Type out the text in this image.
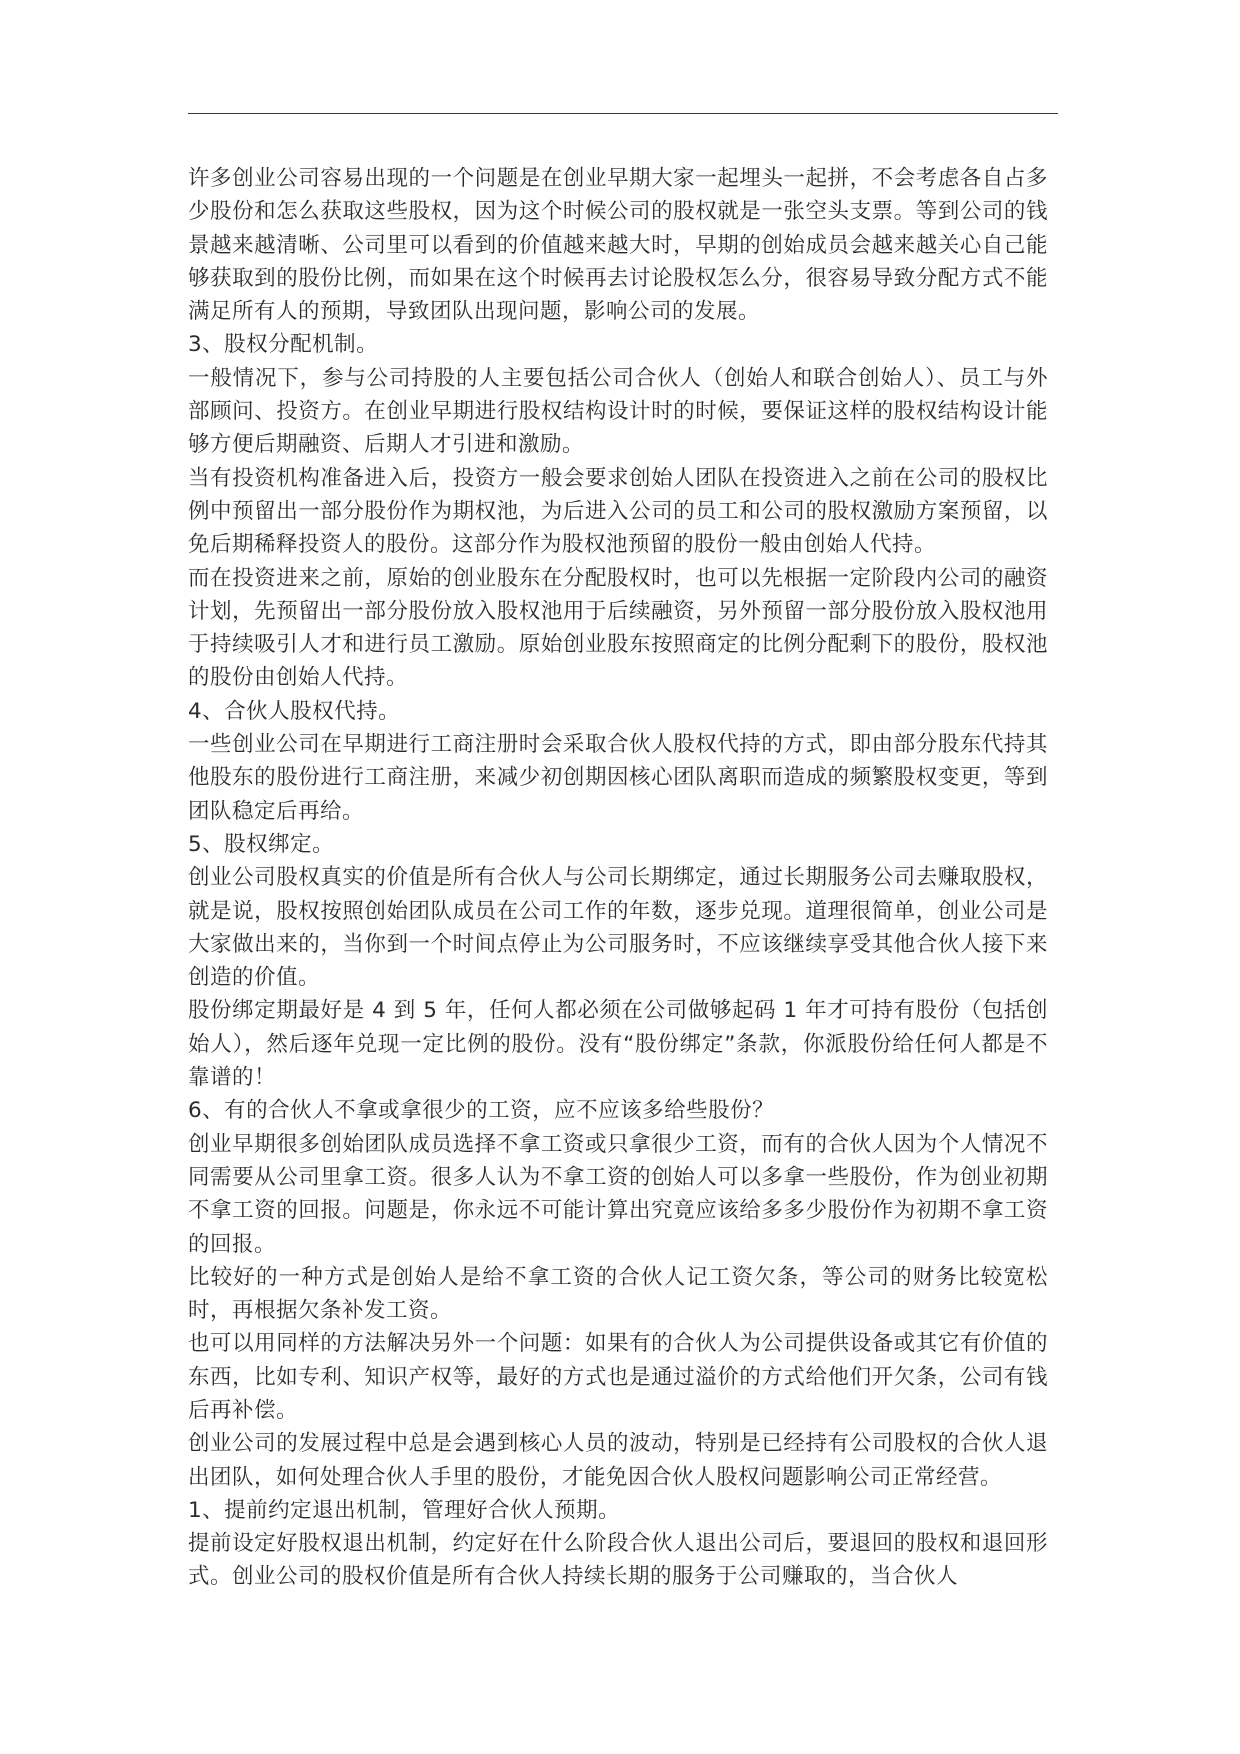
许多创业公司容易出现的一个问题是在创业早期大家一起埋头一起拼，不会考虑各自占多少股份和怎么获取这些股权，因为这个时候公司的股权就是一张空头支票。等到公司的钱景越来越清晰、公司里可以看到的价值越来越大时，早期的创始成员会越来越关心自己能够获取到的股份比例，而如果在这个时候再去讨论股权怎么分，很容易导致分配方式不能满足所有人的预期，导致团队出现问题，影响公司的发展。

3、股权分配机制。

一般情况下，参与公司持股的人主要包括公司合伙人（创始人和联合创始人）、员工与外部顾问、投资方。在创业早期进行股权结构设计时的时候，要保证这样的股权结构设计能够方便后期融资、后期人才引进和激励。

当有投资机构准备进入后，投资方一般会要求创始人团队在投资进入之前在公司的股权比例中预留出一部分股份作为期权池，为后进入公司的员工和公司的股权激励方案预留，以免后期稀释投资人的股份。这部分作为股权池预留的股份一般由创始人代持。

而在投资进来之前，原始的创业股东在分配股权时，也可以先根据一定阶段内公司的融资计划，先预留出一部分股份放入股权池用于后续融资，另外预留一部分股份放入股权池用于持续吸引人才和进行员工激励。原始创业股东按照商定的比例分配剩下的股份，股权池的股份由创始人代持。

4、合伙人股权代持。

一些创业公司在早期进行工商注册时会采取合伙人股权代持的方式，即由部分股东代持其他股东的股份进行工商注册，来减少初创期因核心团队离职而造成的频繁股权变更，等到团队稳定后再给。

5、股权绑定。

创业公司股权真实的价值是所有合伙人与公司长期绑定，通过长期服务公司去赚取股权，就是说，股权按照创始团队成员在公司工作的年数，逐步兑现。道理很简单，创业公司是大家做出来的，当你到一个时间点停止为公司服务时，不应该继续享受其他合伙人接下来创造的价值。

股份绑定期最好是 4 到 5 年，任何人都必须在公司做够起码 1 年才可持有股份（包括创始人），然后逐年兑现一定比例的股份。没有“股份绑定”条款，你派股份给任何人都是不靠谱的！

6、有的合伙人不拿或拿很少的工资，应不应该多给些股份？

创业早期很多创始团队成员选择不拿工资或只拿很少工资，而有的合伙人因为个人情况不同需要从公司里拿工资。很多人认为不拿工资的创始人可以多拿一些股份，作为创业初期不拿工资的回报。问题是，你永远不可能计算出究竟应该给多多少股份作为初期不拿工资的回报。

比较好的一种方式是创始人是给不拿工资的合伙人记工资欠条，等公司的财务比较宽松时，再根据欠条补发工资。

也可以用同样的方法解决另外一个问题：如果有的合伙人为公司提供设备或其它有价值的东西，比如专利、知识产权等，最好的方式也是通过溢价的方式给他们开欠条，公司有钱后再补偿。

创业公司的发展过程中总是会遇到核心人员的波动，特别是已经持有公司股权的合伙人退出团队，如何处理合伙人手里的股份，才能免因合伙人股权问题影响公司正常经营。

1、提前约定退出机制，管理好合伙人预期。

提前设定好股权退出机制，约定好在什么阶段合伙人退出公司后，要退回的股权和退回形式。创业公司的股权价值是所有合伙人持续长期的服务于公司赚取的，当合伙人
